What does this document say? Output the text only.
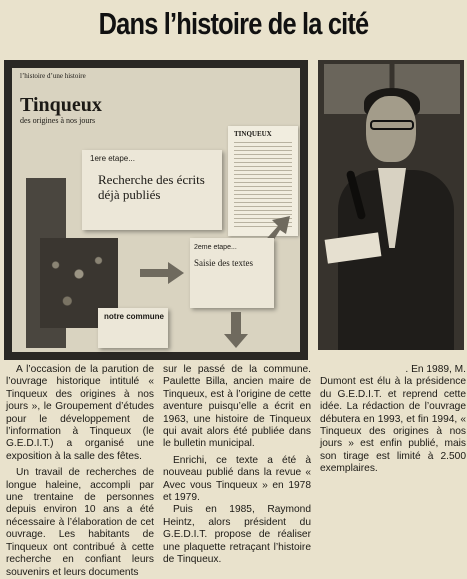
Dans l’histoire de la cité
l’histoire d’une histoire
Tinqueux
des origines à nos jours
TINQUEUX
1ere etape...
Recherche des écrits déjà publiés
2eme etape...
Saisie des textes
notre commune

A l’occasion de la parution de l’ouvrage historique intitulé « Tinqueux des origines à nos jours », le Groupement d’études pour le développement de l’information à Tinqueux (le G.E.D.I.T.) a organisé une exposition à la salle des fêtes.

Un travail de recherches de longue haleine, accompli par une trentaine de personnes depuis environ 10 ans a été nécessaire à l’élaboration de cet ouvrage. Les habitants de Tinqueux ont contribué à cette recherche en confiant leurs souvenirs et leurs documents

sur le passé de la commune. Paulette Billa, ancien maire de Tinqueux, est à l’origine de cette aventure puisqu’elle a écrit en 1963, une histoire de Tinqueux qui avait alors été publiée dans le bulletin municipal.

Enrichi, ce texte a été à nouveau publié dans la revue « Avec vous Tinqueux » en 1978 et 1979.

Puis en 1985, Raymond Heintz, alors président du G.E.D.I.T. propose de réaliser une plaquette retraçant l’histoire de Tinqueux.

. En 1989, M.

Dumont est élu à la présidence du G.E.D.I.T. et reprend cette idée. La rédaction de l’ouvrage débutera en 1993, et fin 1994, « Tinqueux des origines à nos jours » est enfin publié, mais son tirage est limité à 2.500 exemplaires.
